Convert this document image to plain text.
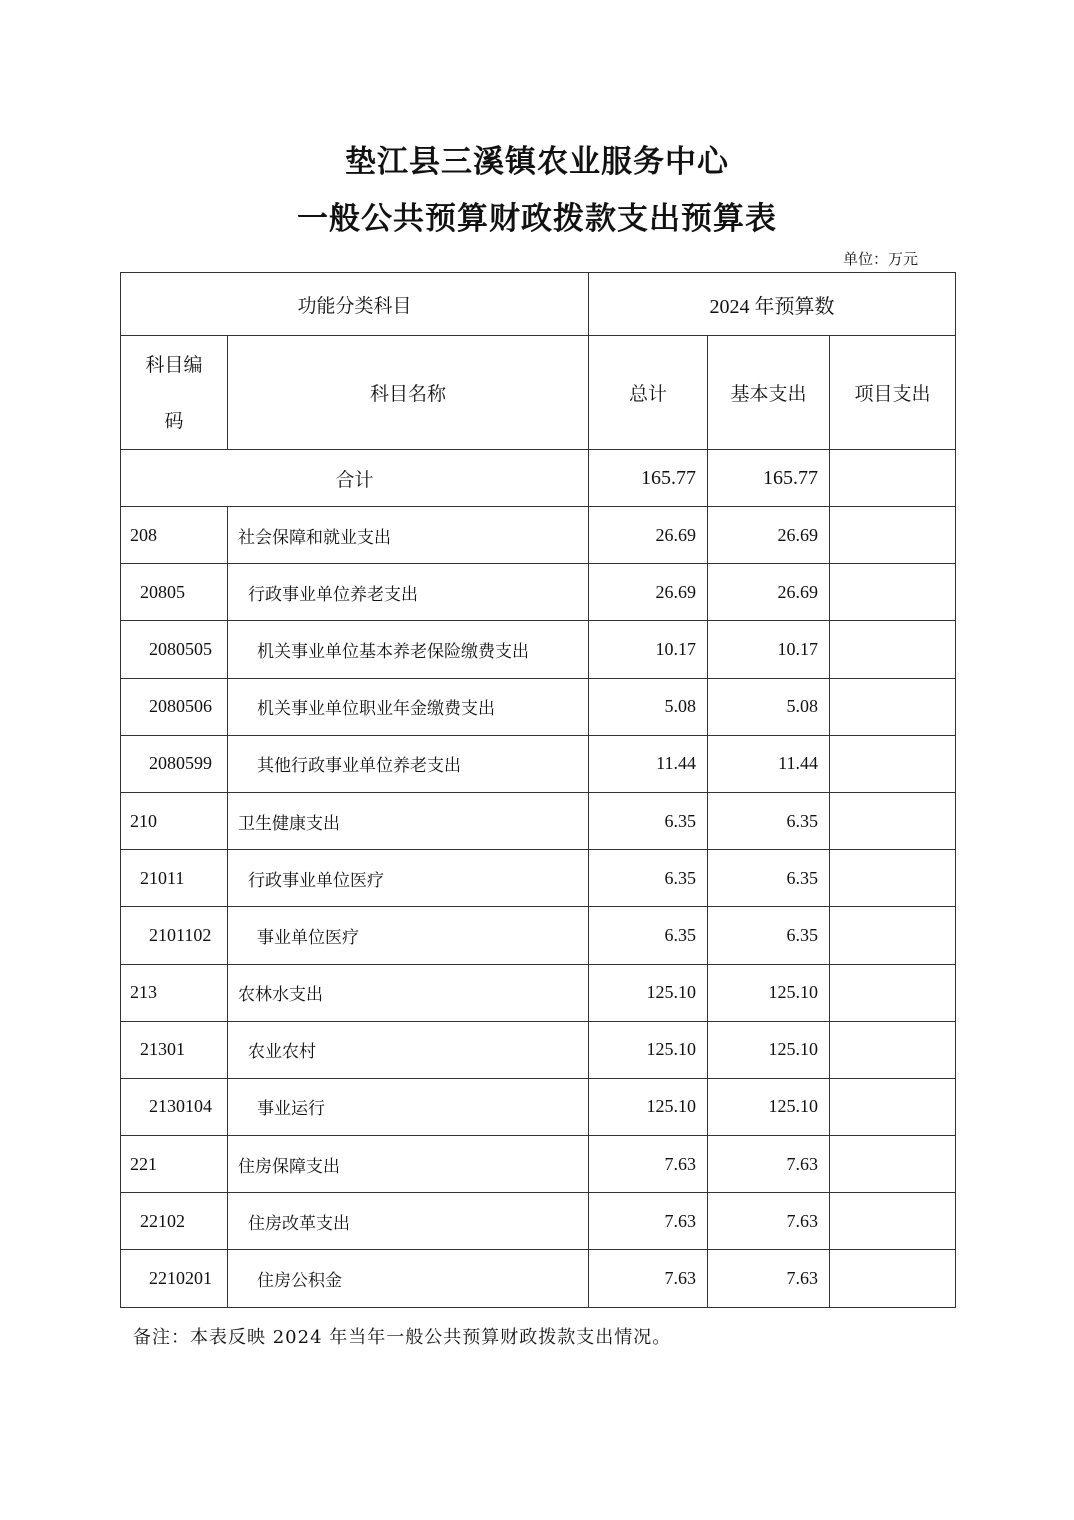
垫江县三溪镇农业服务中心
一般公共预算财政拨款支出预算表
单位：万元
功能分类科目		2024 年预算数		

科目编
码	科目名称	总计	基本支出	项目支出
合计		165.77	165.77	
208	社会保障和就业支出	26.69	26.69	
20805	行政事业单位养老支出	26.69	26.69	
2080505	机关事业单位基本养老保险缴费支出	10.17	10.17	
2080506	机关事业单位职业年金缴费支出	5.08	5.08	
2080599	其他行政事业单位养老支出	11.44	11.44	
210	卫生健康支出	6.35	6.35	
21011	行政事业单位医疗	6.35	6.35	
2101102	事业单位医疗	6.35	6.35	
213	农林水支出	125.10	125.10	
21301	农业农村	125.10	125.10	
2130104	事业运行	125.10	125.10	
221	住房保障支出	7.63	7.63	
22102	住房改革支出	7.63	7.63	
2210201	住房公积金	7.63	7.63	
备注：本表反映 2024 年当年一般公共预算财政拨款支出情况。
